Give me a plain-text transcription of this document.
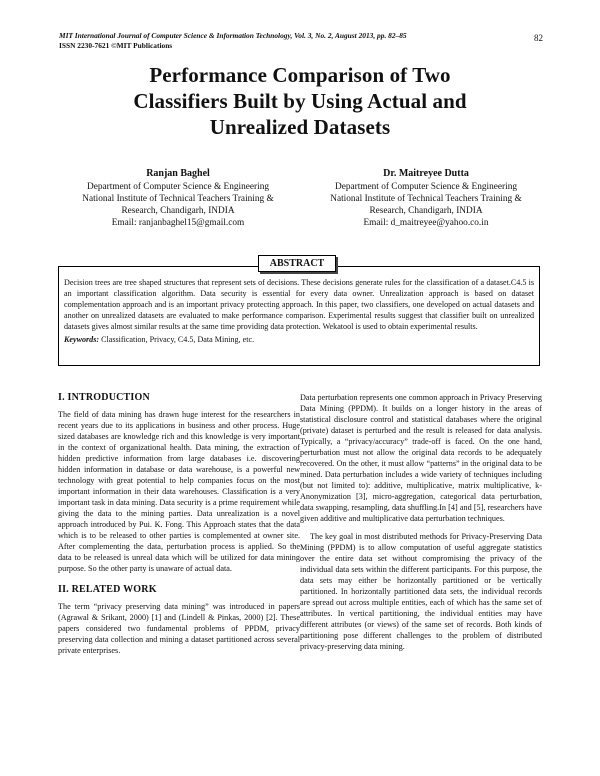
MIT International Journal of Computer Science & Information Technology, Vol. 3, No. 2, August 2013, pp. 82–85
ISSN 2230-7621 ©MIT Publications
82
Performance Comparison of Two
Classifiers Built by Using Actual and
Unrealized Datasets
Ranjan Baghel
Department of Computer Science & Engineering
National Institute of Technical Teachers Training &
Research, Chandigarh, INDIA
Email: ranjanbaghel15@gmail.com
Dr. Maitreyee Dutta
Department of Computer Science & Engineering
National Institute of Technical Teachers Training &
Research, Chandigarh, INDIA
Email: d_maitreyee@yahoo.co.in

Decision trees are tree shaped structures that represent sets of decisions. These decisions generate rules for the classification of a dataset.C4.5 is an important classification algorithm. Data security is essential for every data owner. Unrealization approach is based on dataset complementation approach and is an important privacy protecting approach. In this paper, two classifiers, one developed on actual datasets and another on unrealized datasets are evaluated to make performance comparison. Experimental results suggest that classifier built on unrealized datasets gives almost similar results at the same time providing data protection. Wekatool is used to obtain experimental results.

Keywords: Classification, Privacy, C4.5, Data Mining, etc.
ABSTRACT
I. INTRODUCTION

The field of data mining has drawn huge interest for the researchers in recent years due to its applications in business and other process. Huge sized databases are knowledge rich and this knowledge is very important in the context of organizational health. Data mining, the extraction of hidden predictive information from large databases i.e. discovering hidden information in database or data warehouse, is a powerful new technology with great potential to help companies focus on the most important information in their data warehouses. Classification is a very important task in data mining. Data security is a prime requirement while giving the data to the mining parties. Data unrealization is a novel approach introduced by Pui. K. Fong. This Approach states that the data which is to be released to other parties is complemented at owner site. After complementing the data, perturbation process is applied. So the data to be released is unreal data which will be utilized for data mining purpose. So the other party is unaware of actual data.

II. RELATED WORK

The term “privacy preserving data mining” was introduced in papers (Agrawal & Srikant, 2000) [1] and (Lindell & Pinkas, 2000) [2]. These papers considered two fundamental problems of PPDM, privacy preserving data collection and mining a dataset partitioned across several private enterprises.

Data perturbation represents one common approach in Privacy Preserving Data Mining (PPDM). It builds on a longer history in the areas of statistical disclosure control and statistical databases where the original (private) dataset is perturbed and the result is released for data analysis. Typically, a “privacy/accuracy” trade-off is faced. On the one hand, perturbation must not allow the original data records to be adequately recovered. On the other, it must allow “patterns” in the original data to be mined. Data perturbation includes a wide variety of techniques including (but not limited to): additive, multiplicative, matrix multiplicative, k-Anonymization [3], micro-aggregation, categorical data perturbation, data swapping, resampling, data shuffling.In [4] and [5], researchers have given additive and multiplicative data perturbation techniques.

The key goal in most distributed methods for Privacy-Preserving Data Mining (PPDM) is to allow computation of useful aggregate statistics over the entire data set without compromising the privacy of the individual data sets within the different participants. For this purpose, the data sets may either be horizontally partitioned or be vertically partitioned. In horizontally partitioned data sets, the individual records are spread out across multiple entities, each of which has the same set of attributes. In vertical partitioning, the individual entities may have different attributes (or views) of the same set of records. Both kinds of partitioning pose different challenges to the problem of distributed privacy-preserving data mining.
